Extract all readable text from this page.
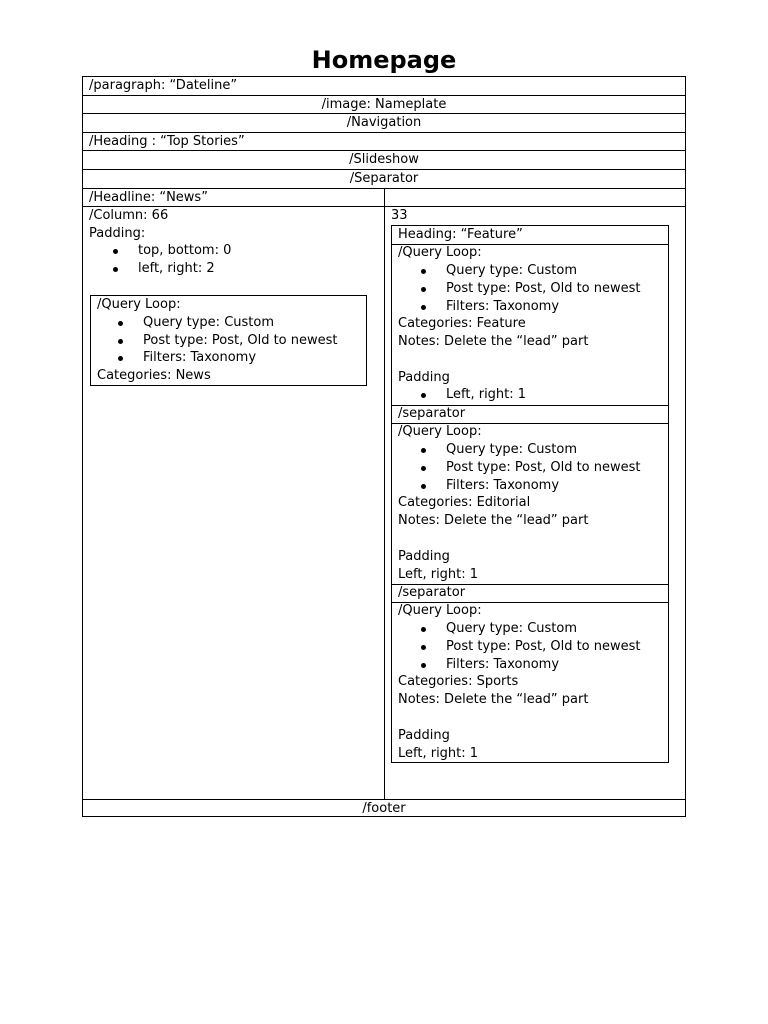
Homepage
/paragraph: “Dateline”
/image: Nameplate
/Navigation
/Heading : “Top Stories”
/Slideshow
/Separator
/Headline: “News”
/footer
/Column: 66
Padding:
top, bottom: 0
left, right: 2
/Query Loop:
Query type: Custom
Post type: Post, Old to newest
Filters: Taxonomy
Categories: News
33
Heading: “Feature”
/Query Loop:
Query type: Custom
Post type: Post, Old to newest
Filters: Taxonomy
Categories: Feature
Notes: Delete the “lead” part
Padding
Left, right: 1
/separator
/Query Loop:
Query type: Custom
Post type: Post, Old to newest
Filters: Taxonomy
Categories: Editorial
Notes: Delete the “lead” part
Padding
Left, right: 1
/separator
/Query Loop:
Query type: Custom
Post type: Post, Old to newest
Filters: Taxonomy
Categories: Sports
Notes: Delete the “lead” part
Padding
Left, right: 1
